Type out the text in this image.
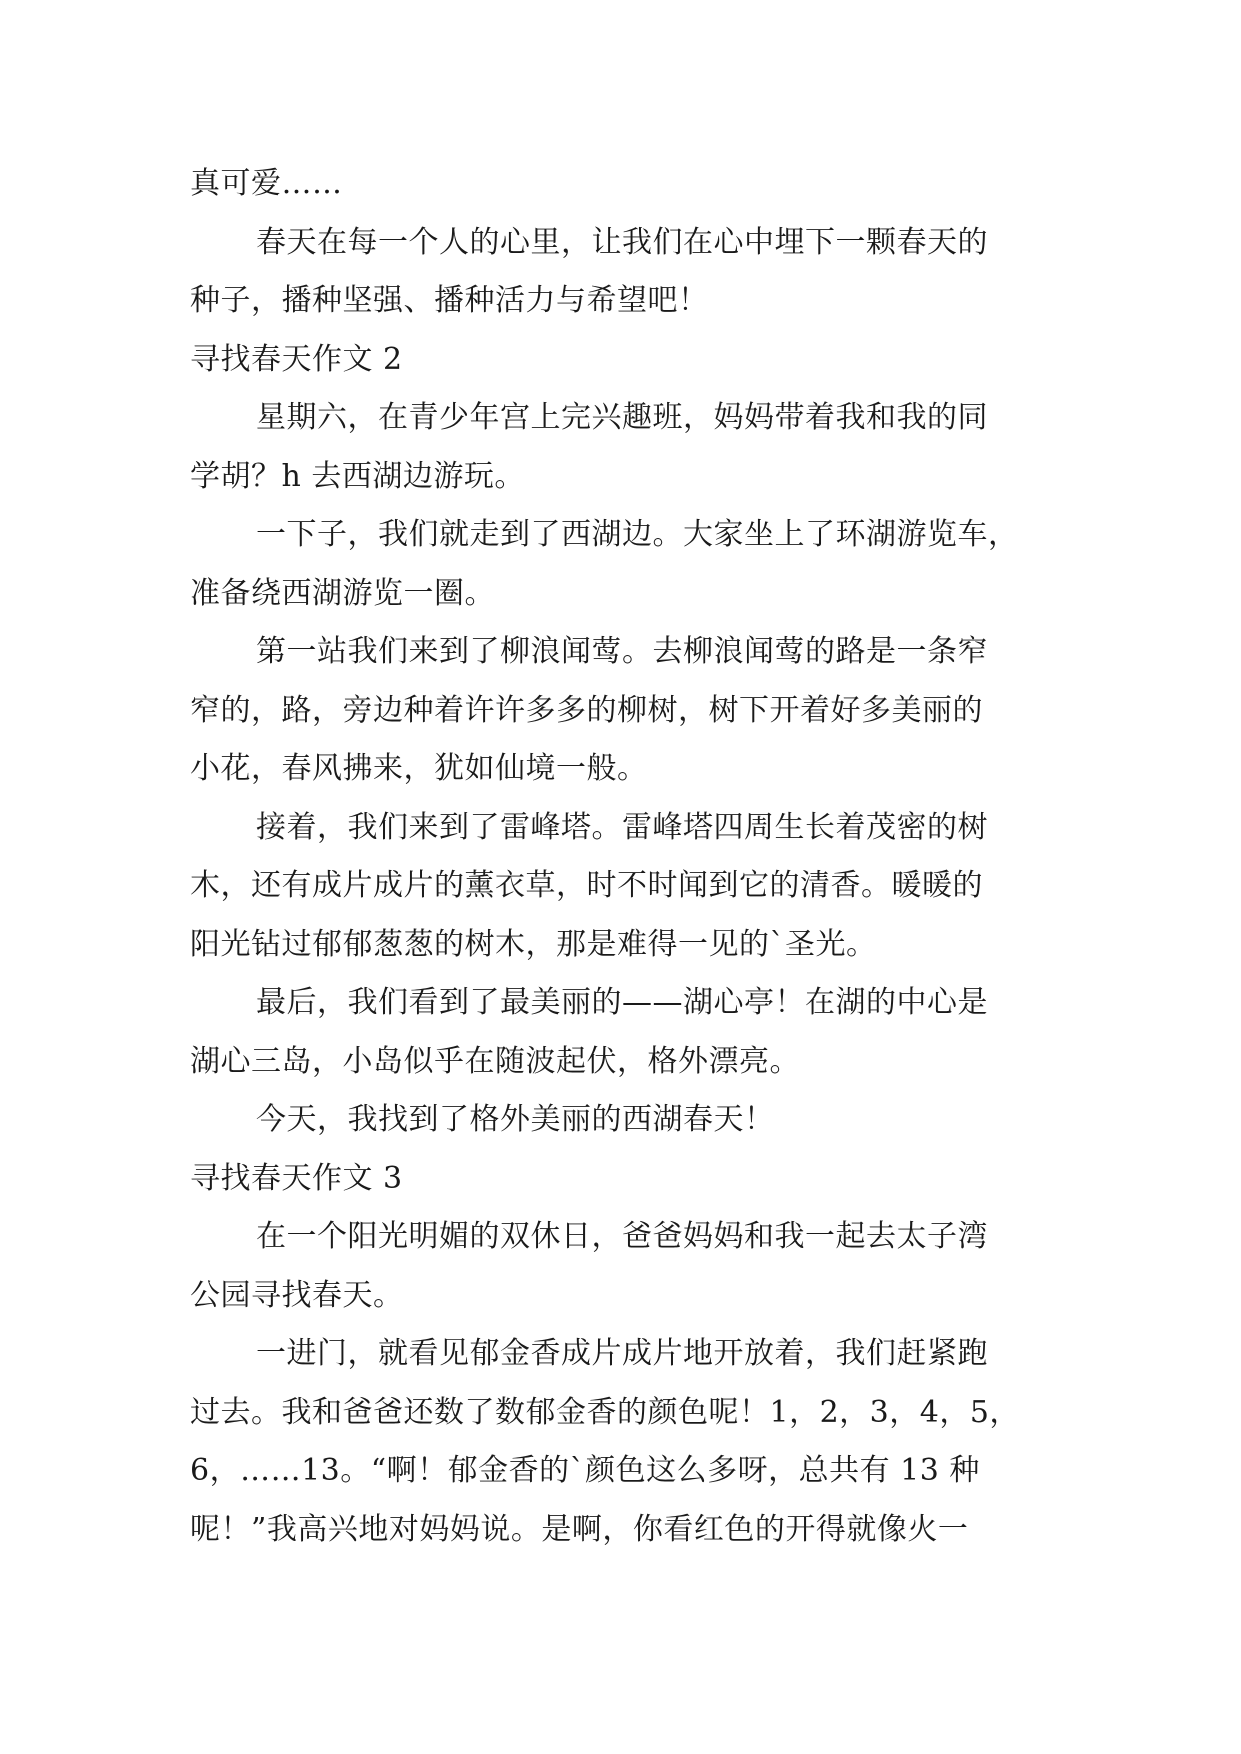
真可爱……
春天在每一个人的心里，让我们在心中埋下一颗春天的
种子，播种坚强、播种活力与希望吧！
寻找春天作文 2
星期六，在青少年宫上完兴趣班，妈妈带着我和我的同
学胡？h 去西湖边游玩。
一下子，我们就走到了西湖边。大家坐上了环湖游览车，
准备绕西湖游览一圈。
第一站我们来到了柳浪闻莺。去柳浪闻莺的路是一条窄
窄的，路，旁边种着许许多多的柳树，树下开着好多美丽的
小花，春风拂来，犹如仙境一般。
接着，我们来到了雷峰塔。雷峰塔四周生长着茂密的树
木，还有成片成片的薰衣草，时不时闻到它的清香。暖暖的
阳光钻过郁郁葱葱的树木，那是难得一见的`圣光。
最后，我们看到了最美丽的——湖心亭！在湖的中心是
湖心三岛，小岛似乎在随波起伏，格外漂亮。
今天，我找到了格外美丽的西湖春天！
寻找春天作文 3
在一个阳光明媚的双休日，爸爸妈妈和我一起去太子湾
公园寻找春天。
一进门，就看见郁金香成片成片地开放着，我们赶紧跑
过去。我和爸爸还数了数郁金香的颜色呢！1，2，3，4，5，
6，……13。“啊！郁金香的`颜色这么多呀，总共有 13 种
呢！”我高兴地对妈妈说。是啊，你看红色的开得就像火一
